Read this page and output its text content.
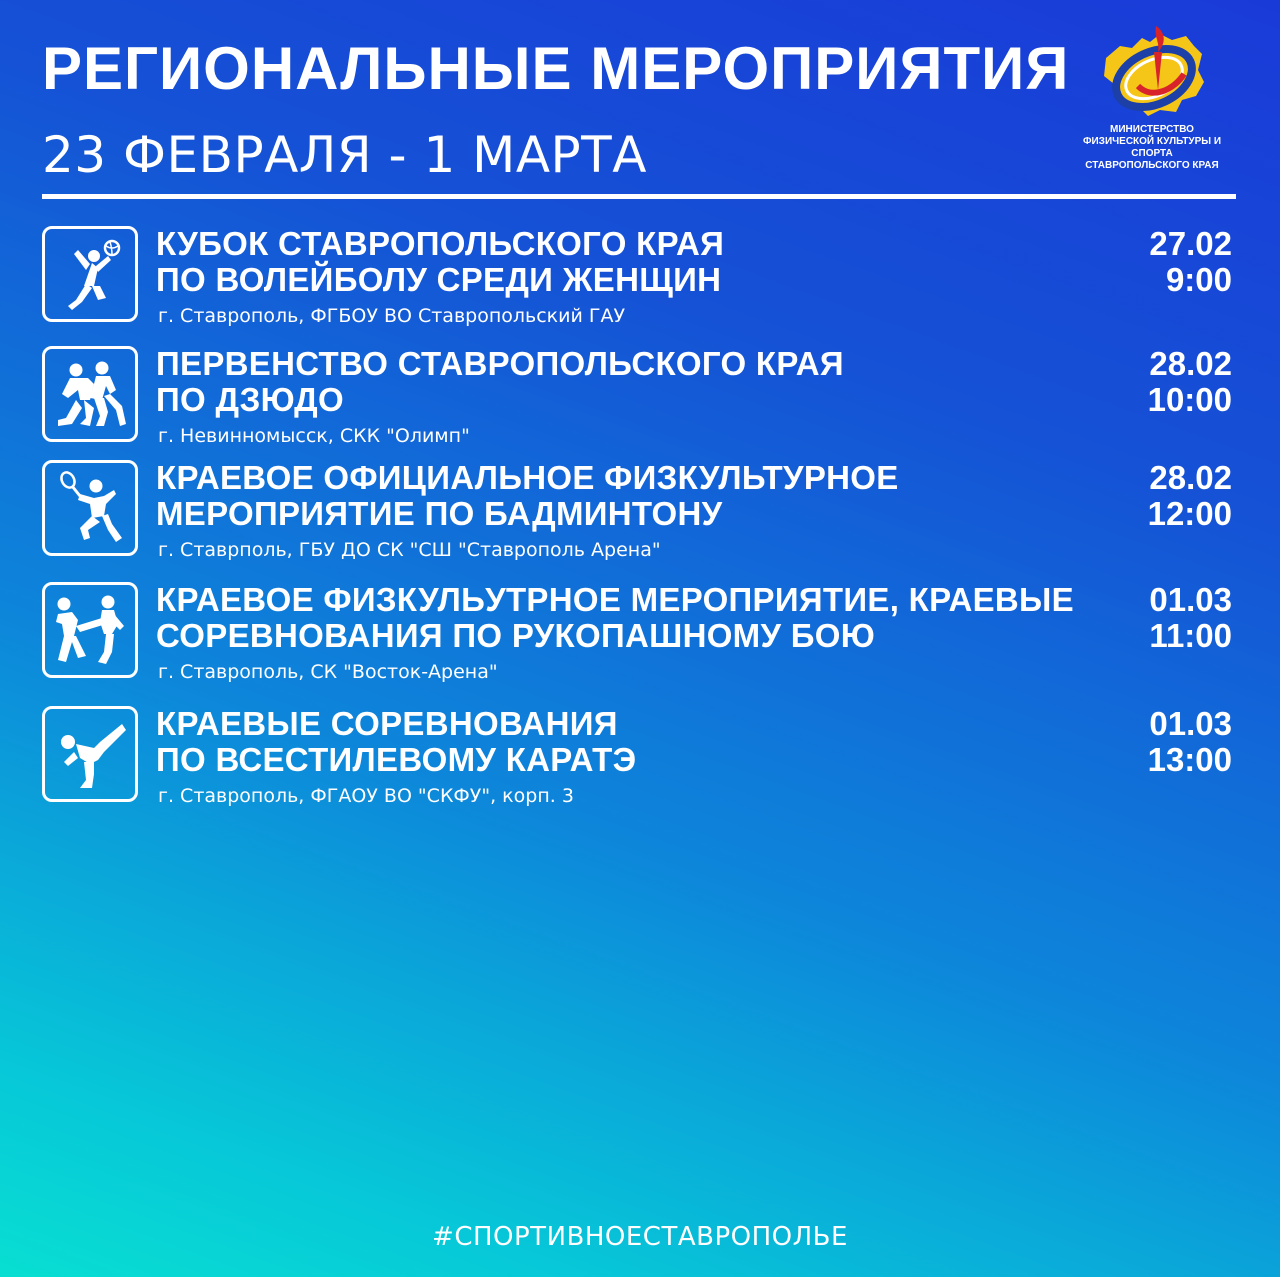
РЕГИОНАЛЬНЫЕ МЕРОПРИЯТИЯ
23 ФЕВРАЛЯ - 1 МАРТА	МИНИСТЕРСТВО
ФИЗИЧЕСКОЙ КУЛЬТУРЫ И СПОРТА
СТАВРОПОЛЬСКОГО КРАЯ
КУБОК СТАВРОПОЛЬСКОГО КРАЯ
ПО ВОЛЕЙБОЛУ СРЕДИ ЖЕНЩИН
г. Ставрополь, ФГБОУ ВО Ставропольский ГАУ
27.02
9:00
ПЕРВЕНСТВО СТАВРОПОЛЬСКОГО КРАЯ
ПО ДЗЮДО
г. Невинномысск, СКК "Олимп"
28.02
10:00
КРАЕВОЕ ОФИЦИАЛЬНОЕ ФИЗКУЛЬТУРНОЕ
МЕРОПРИЯТИЕ ПО БАДМИНТОНУ
г. Ставрполь, ГБУ ДО СК "СШ "Ставрополь Арена"
28.02
12:00
КРАЕВОЕ ФИЗКУЛЬУТРНОЕ МЕРОПРИЯТИЕ, КРАЕВЫЕ
СОРЕВНОВАНИЯ ПО РУКОПАШНОМУ БОЮ
г. Ставрополь, СК "Восток-Арена"
01.03
11:00
КРАЕВЫЕ СОРЕВНОВАНИЯ
ПО ВСЕСТИЛЕВОМУ КАРАТЭ
г. Ставрополь, ФГАОУ ВО "СКФУ", корп. 3
01.03
13:00
#СПОРТИВНОЕСТАВРОПОЛЬЕ
